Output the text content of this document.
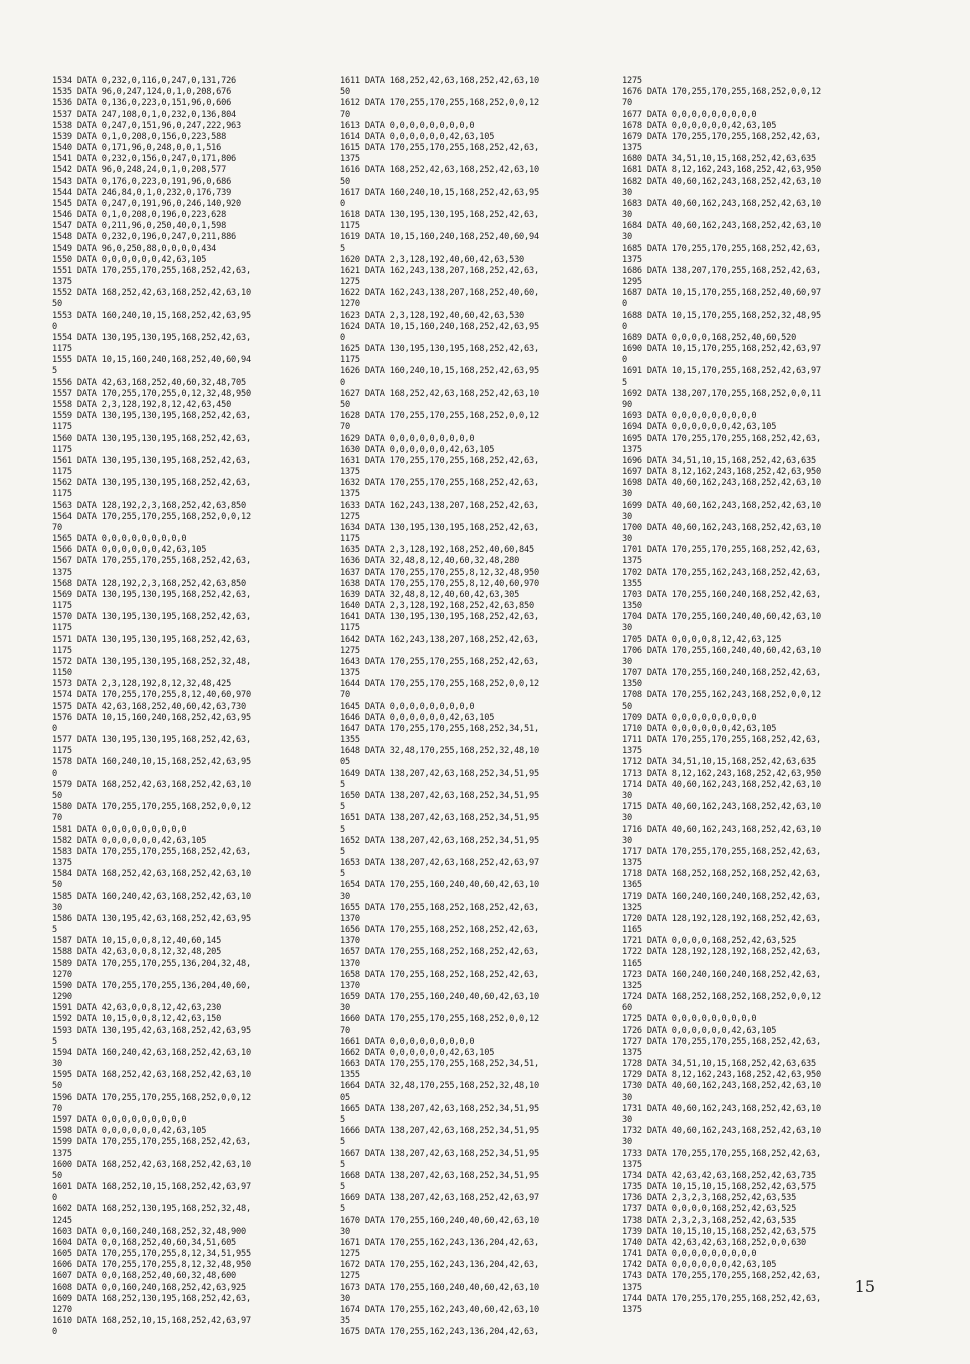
1534 DATA 0,232,0,116,0,247,0,131,726
1535 DATA 96,0,247,124,0,1,0,208,676
1536 DATA 0,136,0,223,0,151,96,0,606
1537 DATA 247,108,0,1,0,232,0,136,804
1538 DATA 0,247,0,151,96,0,247,222,963
1539 DATA 0,1,0,208,0,156,0,223,588
1540 DATA 0,171,96,0,248,0,0,1,516
1541 DATA 0,232,0,156,0,247,0,171,806
1542 DATA 96,0,248,24,0,1,0,208,577
1543 DATA 0,176,0,223,0,191,96,0,686
1544 DATA 246,84,0,1,0,232,0,176,739
1545 DATA 0,247,0,191,96,0,246,140,920
1546 DATA 0,1,0,208,0,196,0,223,628
1547 DATA 0,211,96,0,250,40,0,1,598
1548 DATA 0,232,0,196,0,247,0,211,886
1549 DATA 96,0,250,88,0,0,0,0,434
1550 DATA 0,0,0,0,0,0,42,63,105
1551 DATA 170,255,170,255,168,252,42,63,
1375
1552 DATA 168,252,42,63,168,252,42,63,10
50
1553 DATA 160,240,10,15,168,252,42,63,95
0
1554 DATA 130,195,130,195,168,252,42,63,
1175
1555 DATA 10,15,160,240,168,252,40,60,94
5
1556 DATA 42,63,168,252,40,60,32,48,705
1557 DATA 170,255,170,255,0,12,32,48,950
1558 DATA 2,3,128,192,8,12,42,63,450
1559 DATA 130,195,130,195,168,252,42,63,
1175
1560 DATA 130,195,130,195,168,252,42,63,
1175
1561 DATA 130,195,130,195,168,252,42,63,
1175
1562 DATA 130,195,130,195,168,252,42,63,
1175
1563 DATA 128,192,2,3,168,252,42,63,850
1564 DATA 170,255,170,255,168,252,0,0,12
70
1565 DATA 0,0,0,0,0,0,0,0,0
1566 DATA 0,0,0,0,0,0,42,63,105
1567 DATA 170,255,170,255,168,252,42,63,
1375
1568 DATA 128,192,2,3,168,252,42,63,850
1569 DATA 130,195,130,195,168,252,42,63,
1175
1570 DATA 130,195,130,195,168,252,42,63,
1175
1571 DATA 130,195,130,195,168,252,42,63,
1175
1572 DATA 130,195,130,195,168,252,32,48,
1150
1573 DATA 2,3,128,192,8,12,32,48,425
1574 DATA 170,255,170,255,8,12,40,60,970
1575 DATA 42,63,168,252,40,60,42,63,730
1576 DATA 10,15,160,240,168,252,42,63,95
0
1577 DATA 130,195,130,195,168,252,42,63,
1175
1578 DATA 160,240,10,15,168,252,42,63,95
0
1579 DATA 168,252,42,63,168,252,42,63,10
50
1580 DATA 170,255,170,255,168,252,0,0,12
70
1581 DATA 0,0,0,0,0,0,0,0,0
1582 DATA 0,0,0,0,0,0,42,63,105
1583 DATA 170,255,170,255,168,252,42,63,
1375
1584 DATA 168,252,42,63,168,252,42,63,10
50
1585 DATA 160,240,42,63,168,252,42,63,10
30
1586 DATA 130,195,42,63,168,252,42,63,95
5
1587 DATA 10,15,0,0,8,12,40,60,145
1588 DATA 42,63,0,0,8,12,32,48,205
1589 DATA 170,255,170,255,136,204,32,48,
1270
1590 DATA 170,255,170,255,136,204,40,60,
1290
1591 DATA 42,63,0,0,8,12,42,63,230
1592 DATA 10,15,0,0,8,12,42,63,150
1593 DATA 130,195,42,63,168,252,42,63,95
5
1594 DATA 160,240,42,63,168,252,42,63,10
30
1595 DATA 168,252,42,63,168,252,42,63,10
50
1596 DATA 170,255,170,255,168,252,0,0,12
70
1597 DATA 0,0,0,0,0,0,0,0,0
1598 DATA 0,0,0,0,0,0,42,63,105
1599 DATA 170,255,170,255,168,252,42,63,
1375
1600 DATA 168,252,42,63,168,252,42,63,10
50
1601 DATA 168,252,10,15,168,252,42,63,97
0
1602 DATA 168,252,130,195,168,252,32,48,
1245
1603 DATA 0,0,160,240,168,252,32,48,900
1604 DATA 0,0,168,252,40,60,34,51,605
1605 DATA 170,255,170,255,8,12,34,51,955
1606 DATA 170,255,170,255,8,12,32,48,950
1607 DATA 0,0,168,252,40,60,32,48,600
1608 DATA 0,0,160,240,168,252,42,63,925
1609 DATA 168,252,130,195,168,252,42,63,
1270
1610 DATA 168,252,10,15,168,252,42,63,97
0
1611 DATA 168,252,42,63,168,252,42,63,10
50
1612 DATA 170,255,170,255,168,252,0,0,12
70
1613 DATA 0,0,0,0,0,0,0,0,0
1614 DATA 0,0,0,0,0,0,42,63,105
1615 DATA 170,255,170,255,168,252,42,63,
1375
1616 DATA 168,252,42,63,168,252,42,63,10
50
1617 DATA 160,240,10,15,168,252,42,63,95
0
1618 DATA 130,195,130,195,168,252,42,63,
1175
1619 DATA 10,15,160,240,168,252,40,60,94
5
1620 DATA 2,3,128,192,40,60,42,63,530
1621 DATA 162,243,138,207,168,252,42,63,
1275
1622 DATA 162,243,138,207,168,252,40,60,
1270
1623 DATA 2,3,128,192,40,60,42,63,530
1624 DATA 10,15,160,240,168,252,42,63,95
0
1625 DATA 130,195,130,195,168,252,42,63,
1175
1626 DATA 160,240,10,15,168,252,42,63,95
0
1627 DATA 168,252,42,63,168,252,42,63,10
50
1628 DATA 170,255,170,255,168,252,0,0,12
70
1629 DATA 0,0,0,0,0,0,0,0,0
1630 DATA 0,0,0,0,0,0,42,63,105
1631 DATA 170,255,170,255,168,252,42,63,
1375
1632 DATA 170,255,170,255,168,252,42,63,
1375
1633 DATA 162,243,138,207,168,252,42,63,
1275
1634 DATA 130,195,130,195,168,252,42,63,
1175
1635 DATA 2,3,128,192,168,252,40,60,845
1636 DATA 32,48,8,12,40,60,32,48,280
1637 DATA 170,255,170,255,8,12,32,48,950
1638 DATA 170,255,170,255,8,12,40,60,970
1639 DATA 32,48,8,12,40,60,42,63,305
1640 DATA 2,3,128,192,168,252,42,63,850
1641 DATA 130,195,130,195,168,252,42,63,
1175
1642 DATA 162,243,138,207,168,252,42,63,
1275
1643 DATA 170,255,170,255,168,252,42,63,
1375
1644 DATA 170,255,170,255,168,252,0,0,12
70
1645 DATA 0,0,0,0,0,0,0,0,0
1646 DATA 0,0,0,0,0,0,42,63,105
1647 DATA 170,255,170,255,168,252,34,51,
1355
1648 DATA 32,48,170,255,168,252,32,48,10
05
1649 DATA 138,207,42,63,168,252,34,51,95
5
1650 DATA 138,207,42,63,168,252,34,51,95
5
1651 DATA 138,207,42,63,168,252,34,51,95
5
1652 DATA 138,207,42,63,168,252,34,51,95
5
1653 DATA 138,207,42,63,168,252,42,63,97
5
1654 DATA 170,255,160,240,40,60,42,63,10
30
1655 DATA 170,255,168,252,168,252,42,63,
1370
1656 DATA 170,255,168,252,168,252,42,63,
1370
1657 DATA 170,255,168,252,168,252,42,63,
1370
1658 DATA 170,255,168,252,168,252,42,63,
1370
1659 DATA 170,255,160,240,40,60,42,63,10
30
1660 DATA 170,255,170,255,168,252,0,0,12
70
1661 DATA 0,0,0,0,0,0,0,0,0
1662 DATA 0,0,0,0,0,0,42,63,105
1663 DATA 170,255,170,255,168,252,34,51,
1355
1664 DATA 32,48,170,255,168,252,32,48,10
05
1665 DATA 138,207,42,63,168,252,34,51,95
5
1666 DATA 138,207,42,63,168,252,34,51,95
5
1667 DATA 138,207,42,63,168,252,34,51,95
5
1668 DATA 138,207,42,63,168,252,34,51,95
5
1669 DATA 138,207,42,63,168,252,42,63,97
5
1670 DATA 170,255,160,240,40,60,42,63,10
30
1671 DATA 170,255,162,243,136,204,42,63,
1275
1672 DATA 170,255,162,243,136,204,42,63,
1275
1673 DATA 170,255,160,240,40,60,42,63,10
30
1674 DATA 170,255,162,243,40,60,42,63,10
35
1675 DATA 170,255,162,243,136,204,42,63,
1275
1676 DATA 170,255,170,255,168,252,0,0,12
70
1677 DATA 0,0,0,0,0,0,0,0,0
1678 DATA 0,0,0,0,0,0,42,63,105
1679 DATA 170,255,170,255,168,252,42,63,
1375
1680 DATA 34,51,10,15,168,252,42,63,635
1681 DATA 8,12,162,243,168,252,42,63,950
1682 DATA 40,60,162,243,168,252,42,63,10
30
1683 DATA 40,60,162,243,168,252,42,63,10
30
1684 DATA 40,60,162,243,168,252,42,63,10
30
1685 DATA 170,255,170,255,168,252,42,63,
1375
1686 DATA 138,207,170,255,168,252,42,63,
1295
1687 DATA 10,15,170,255,168,252,40,60,97
0
1688 DATA 10,15,170,255,168,252,32,48,95
0
1689 DATA 0,0,0,0,168,252,40,60,520
1690 DATA 10,15,170,255,168,252,42,63,97
0
1691 DATA 10,15,170,255,168,252,42,63,97
5
1692 DATA 138,207,170,255,168,252,0,0,11
90
1693 DATA 0,0,0,0,0,0,0,0,0
1694 DATA 0,0,0,0,0,0,42,63,105
1695 DATA 170,255,170,255,168,252,42,63,
1375
1696 DATA 34,51,10,15,168,252,42,63,635
1697 DATA 8,12,162,243,168,252,42,63,950
1698 DATA 40,60,162,243,168,252,42,63,10
30
1699 DATA 40,60,162,243,168,252,42,63,10
30
1700 DATA 40,60,162,243,168,252,42,63,10
30
1701 DATA 170,255,170,255,168,252,42,63,
1375
1702 DATA 170,255,162,243,168,252,42,63,
1355
1703 DATA 170,255,160,240,168,252,42,63,
1350
1704 DATA 170,255,160,240,40,60,42,63,10
30
1705 DATA 0,0,0,0,8,12,42,63,125
1706 DATA 170,255,160,240,40,60,42,63,10
30
1707 DATA 170,255,160,240,168,252,42,63,
1350
1708 DATA 170,255,162,243,168,252,0,0,12
50
1709 DATA 0,0,0,0,0,0,0,0,0
1710 DATA 0,0,0,0,0,0,42,63,105
1711 DATA 170,255,170,255,168,252,42,63,
1375
1712 DATA 34,51,10,15,168,252,42,63,635
1713 DATA 8,12,162,243,168,252,42,63,950
1714 DATA 40,60,162,243,168,252,42,63,10
30
1715 DATA 40,60,162,243,168,252,42,63,10
30
1716 DATA 40,60,162,243,168,252,42,63,10
30
1717 DATA 170,255,170,255,168,252,42,63,
1375
1718 DATA 168,252,168,252,168,252,42,63,
1365
1719 DATA 160,240,160,240,168,252,42,63,
1325
1720 DATA 128,192,128,192,168,252,42,63,
1165
1721 DATA 0,0,0,0,168,252,42,63,525
1722 DATA 128,192,128,192,168,252,42,63,
1165
1723 DATA 160,240,160,240,168,252,42,63,
1325
1724 DATA 168,252,168,252,168,252,0,0,12
60
1725 DATA 0,0,0,0,0,0,0,0,0
1726 DATA 0,0,0,0,0,0,42,63,105
1727 DATA 170,255,170,255,168,252,42,63,
1375
1728 DATA 34,51,10,15,168,252,42,63,635
1729 DATA 8,12,162,243,168,252,42,63,950
1730 DATA 40,60,162,243,168,252,42,63,10
30
1731 DATA 40,60,162,243,168,252,42,63,10
30
1732 DATA 40,60,162,243,168,252,42,63,10
30
1733 DATA 170,255,170,255,168,252,42,63,
1375
1734 DATA 42,63,42,63,168,252,42,63,735
1735 DATA 10,15,10,15,168,252,42,63,575
1736 DATA 2,3,2,3,168,252,42,63,535
1737 DATA 0,0,0,0,168,252,42,63,525
1738 DATA 2,3,2,3,168,252,42,63,535
1739 DATA 10,15,10,15,168,252,42,63,575
1740 DATA 42,63,42,63,168,252,0,0,630
1741 DATA 0,0,0,0,0,0,0,0,0
1742 DATA 0,0,0,0,0,0,42,63,105
1743 DATA 170,255,170,255,168,252,42,63,
1375
1744 DATA 170,255,170,255,168,252,42,63,
1375
15
